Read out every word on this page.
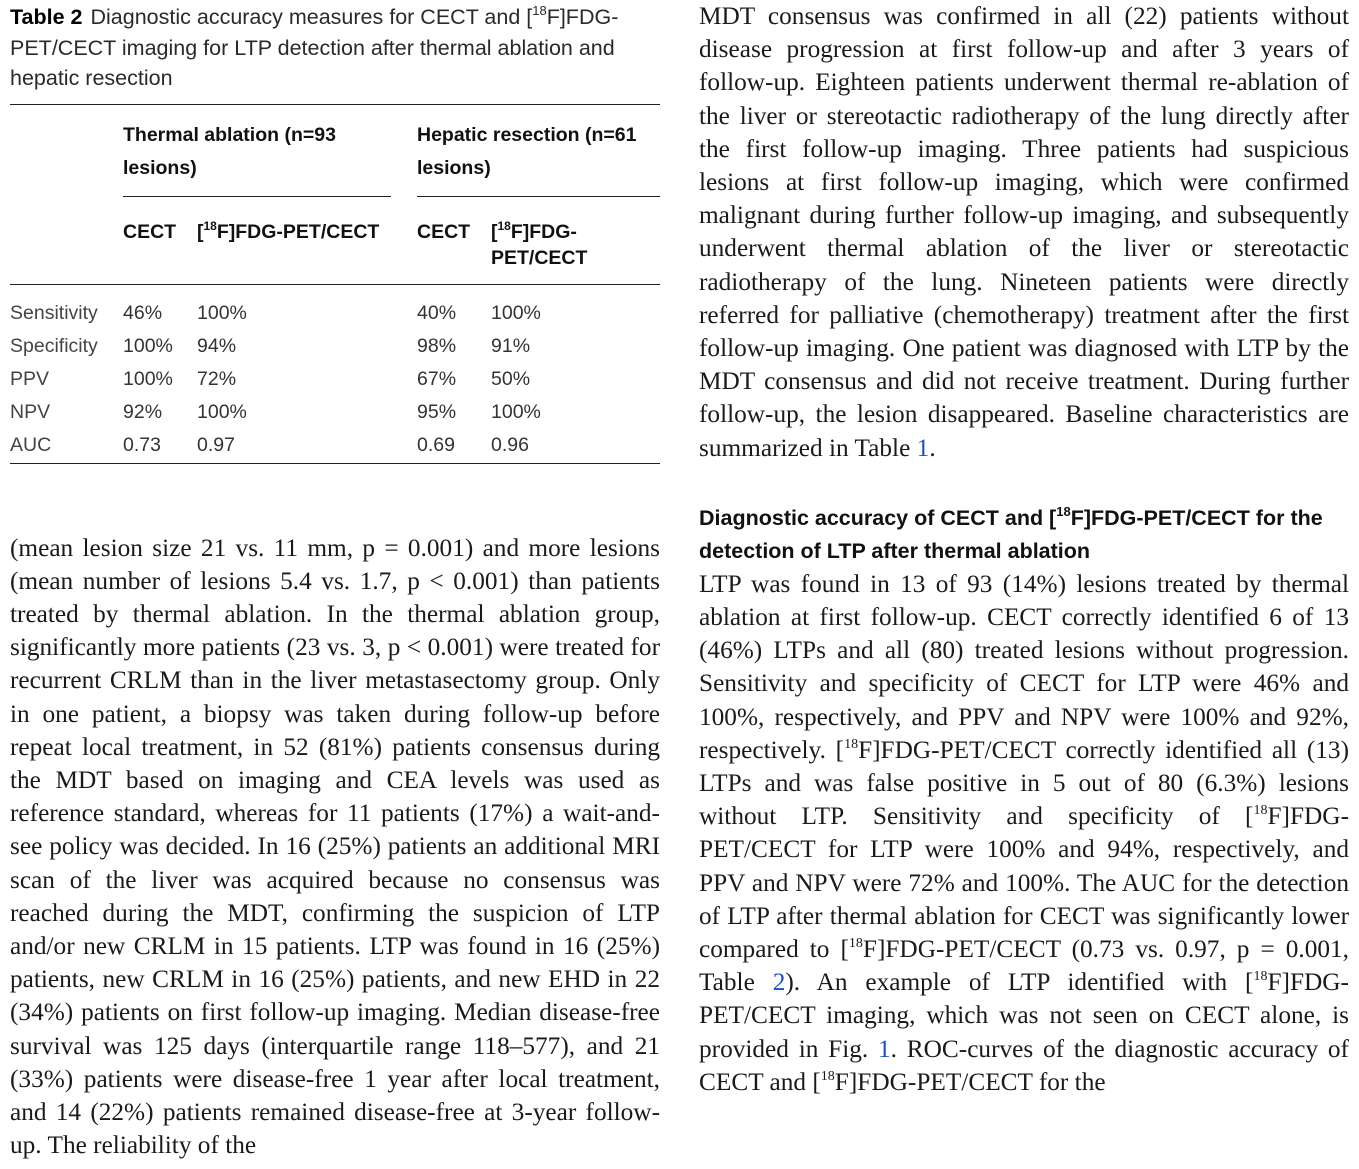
Table 2 Diagnostic accuracy measures for CECT and [$^{18}$F]FDG-PET/CECT imaging for LTP detection after thermal ablation and hepatic resection

	Thermal ablation (n=93 lesions)			Hepatic resection (n=61 lesions)	
	CECT	[$^{18}$F]FDG-PET/CECT		CECT	[$^{18}$F]FDG-PET/CECT
Sensitivity	46%	100%		40%	100%
Specificity	100%	94%		98%	91%
PPV	100%	72%		67%	50%
NPV	92%	100%		95%	100%
AUC	0.73	0.97		0.69	0.96

(mean lesion size 21 vs. 11 mm, p = 0.001) and more lesions (mean number of lesions 5.4 vs. 1.7, p < 0.001) than patients treated by thermal ablation. In the thermal ablation group, significantly more patients (23 vs. 3, p < 0.001) were treated for recurrent CRLM than in the liver metastasectomy group. Only in one patient, a biopsy was taken during follow-up before repeat local treatment, in 52 (81%) patients consensus during the MDT based on imaging and CEA levels was used as reference standard, whereas for 11 patients (17%) a wait-and-see policy was decided. In 16 (25%) patients an additional MRI scan of the liver was acquired because no consensus was reached during the MDT, confirming the suspicion of LTP and/or new CRLM in 15 patients. LTP was found in 16 (25%) patients, new CRLM in 16 (25%) patients, and new EHD in 22 (34%) patients on first follow-up imaging. Median disease-free survival was 125 days (interquartile range 118–577), and 21 (33%) patients were disease-free 1 year after local treatment, and 14 (22%) patients remained disease-free at 3-year follow-up. The reliability of the

MDT consensus was confirmed in all (22) patients without disease progression at first follow-up and after 3 years of follow-up. Eighteen patients underwent thermal re-ablation of the liver or stereotactic radiotherapy of the lung directly after the first follow-up imaging. Three patients had suspicious lesions at first follow-up imaging, which were confirmed malignant during further follow-up imaging, and subsequently underwent thermal ablation of the liver or stereotactic radiotherapy of the lung. Nineteen patients were directly referred for palliative (chemotherapy) treatment after the first follow-up imaging. One patient was diagnosed with LTP by the MDT consensus and did not receive treatment. During further follow-up, the lesion disappeared. Baseline characteristics are summarized in Table 1.

Diagnostic accuracy of CECT and [$^{18}$F]FDG-PET/CECT for the detection of LTP after thermal ablation

LTP was found in 13 of 93 (14%) lesions treated by thermal ablation at first follow-up. CECT correctly identified 6 of 13 (46%) LTPs and all (80) treated lesions without progression. Sensitivity and specificity of CECT for LTP were 46% and 100%, respectively, and PPV and NPV were 100% and 92%, respectively. [$^{18}$F]FDG-PET/CECT correctly identified all (13) LTPs and was false positive in 5 out of 80 (6.3%) lesions without LTP. Sensitivity and specificity of [$^{18}$F]FDG-PET/CECT for LTP were 100% and 94%, respectively, and PPV and NPV were 72% and 100%. The AUC for the detection of LTP after thermal ablation for CECT was significantly lower compared to [$^{18}$F]FDG-PET/CECT (0.73 vs. 0.97, p = 0.001, Table 2). An example of LTP identified with [$^{18}$F]FDG-PET/CECT imaging, which was not seen on CECT alone, is provided in Fig. 1. ROC-curves of the diagnostic accuracy of CECT and [$^{18}$F]FDG-PET/CECT for the
